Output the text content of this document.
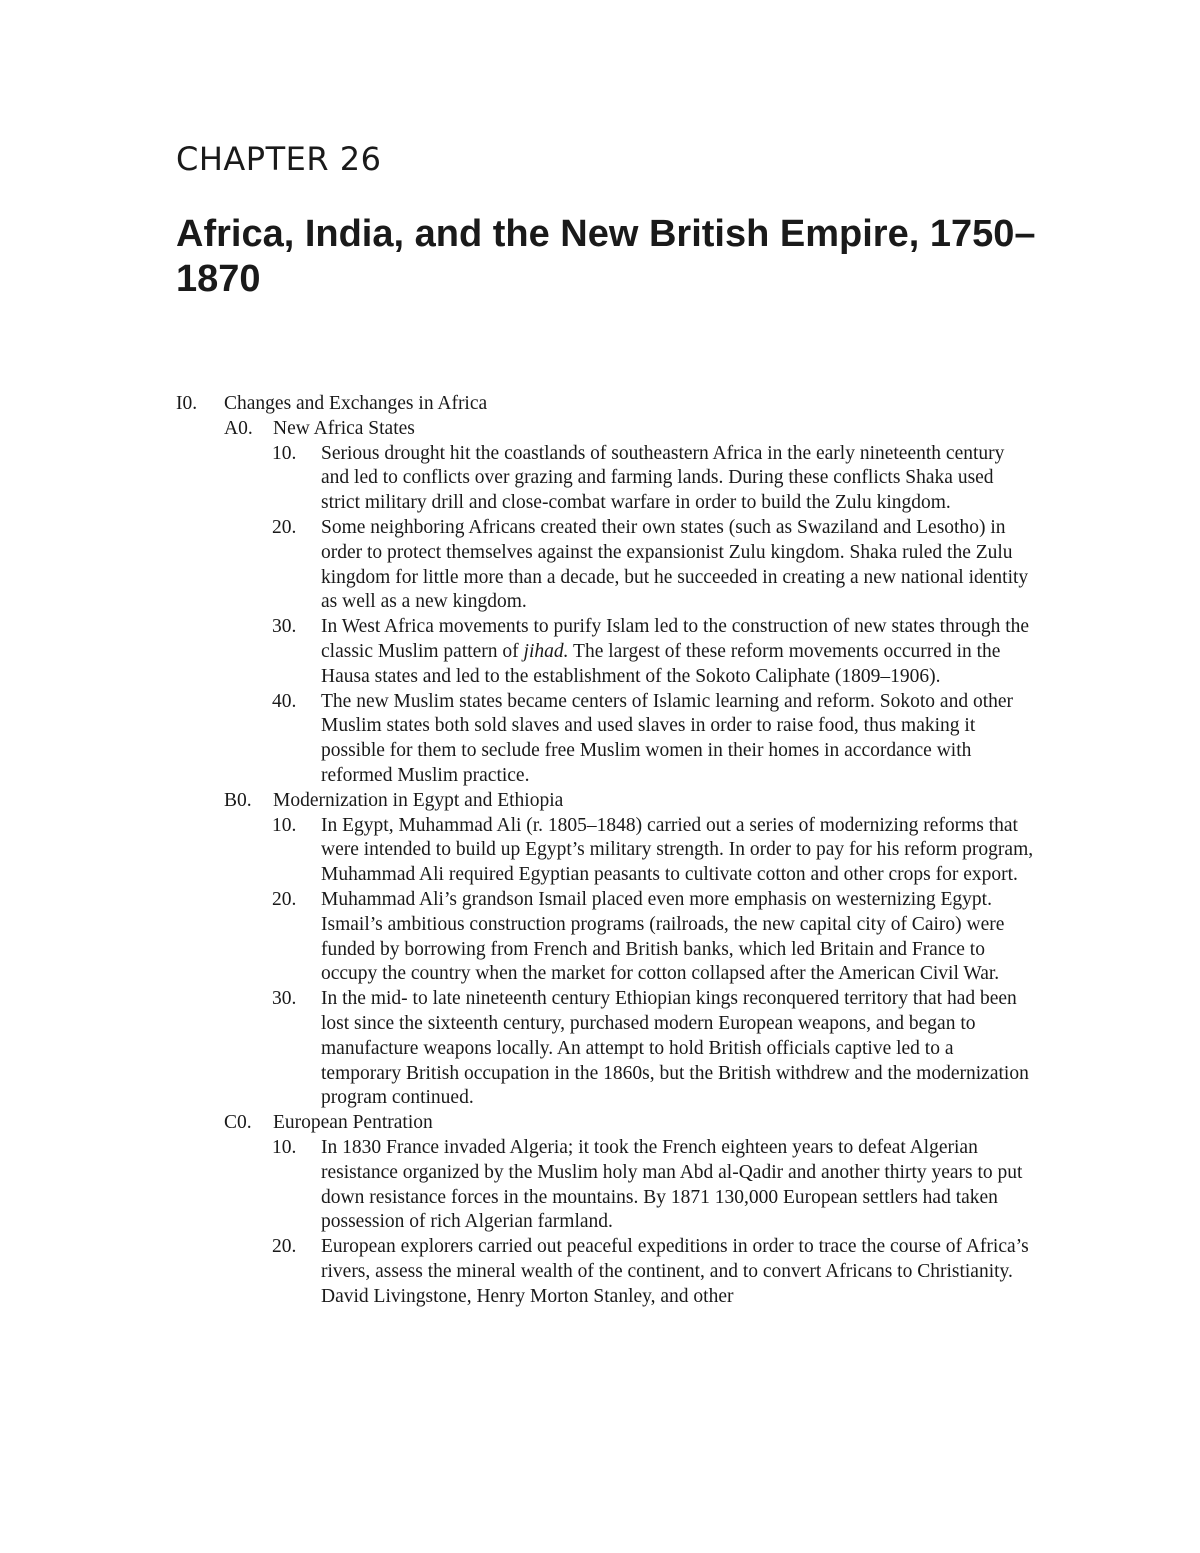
CHAPTER 26
Africa, India, and the New British Empire, 1750–1870
I0. Changes and Exchanges in Africa
A0. New Africa States
10. Serious drought hit the coastlands of southeastern Africa in the early nineteenth century and led to conflicts over grazing and farming lands. During these conflicts Shaka used strict military drill and close-combat warfare in order to build the Zulu kingdom.
20. Some neighboring Africans created their own states (such as Swaziland and Lesotho) in order to protect themselves against the expansionist Zulu kingdom. Shaka ruled the Zulu kingdom for little more than a decade, but he succeeded in creating a new national identity as well as a new kingdom.
30. In West Africa movements to purify Islam led to the construction of new states through the classic Muslim pattern of jihad. The largest of these reform movements occurred in the Hausa states and led to the establishment of the Sokoto Caliphate (1809–1906).
40. The new Muslim states became centers of Islamic learning and reform. Sokoto and other Muslim states both sold slaves and used slaves in order to raise food, thus making it possible for them to seclude free Muslim women in their homes in accordance with reformed Muslim practice.
B0. Modernization in Egypt and Ethiopia
10. In Egypt, Muhammad Ali (r. 1805–1848) carried out a series of modernizing reforms that were intended to build up Egypt’s military strength. In order to pay for his reform program, Muhammad Ali required Egyptian peasants to cultivate cotton and other crops for export.
20. Muhammad Ali’s grandson Ismail placed even more emphasis on westernizing Egypt. Ismail’s ambitious construction programs (railroads, the new capital city of Cairo) were funded by borrowing from French and British banks, which led Britain and France to occupy the country when the market for cotton collapsed after the American Civil War.
30. In the mid- to late nineteenth century Ethiopian kings reconquered territory that had been lost since the sixteenth century, purchased modern European weapons, and began to manufacture weapons locally. An attempt to hold British officials captive led to a temporary British occupation in the 1860s, but the British withdrew and the modernization program continued.
C0. European Pentration
10. In 1830 France invaded Algeria; it took the French eighteen years to defeat Algerian resistance organized by the Muslim holy man Abd al-Qadir and another thirty years to put down resistance forces in the mountains. By 1871 130,000 European settlers had taken possession of rich Algerian farmland.
20. European explorers carried out peaceful expeditions in order to trace the course of Africa’s rivers, assess the mineral wealth of the continent, and to convert Africans to Christianity. David Livingstone, Henry Morton Stanley, and other
